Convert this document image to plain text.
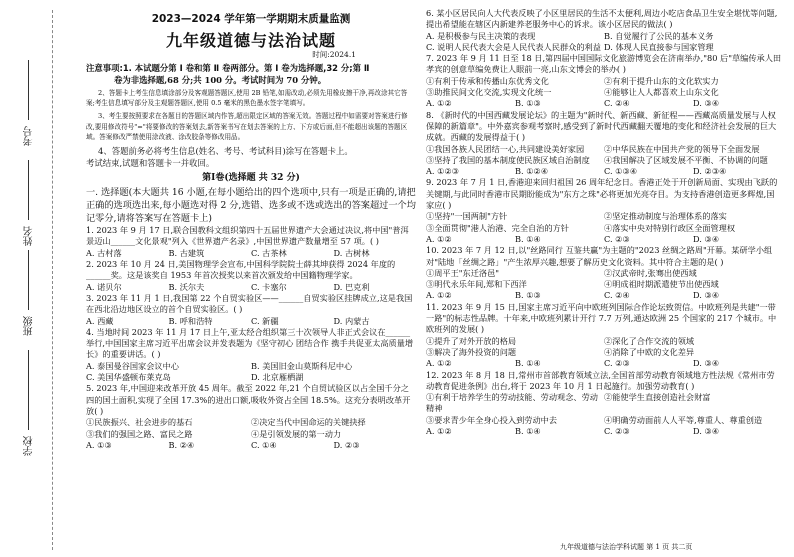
考号
姓名
班级
学校
2023—2024 学年第一学期期末质量监测
九年级道德与法治试题
时间:2024.1

注意事项:1. 本试题分第 Ⅰ 卷和第 Ⅱ 卷两部分。第 Ⅰ 卷为选择题,32 分;第 Ⅱ

卷为非选择题,68 分;共 100 分。考试时间为 70 分钟。

2、答题卡上考生信息填涂部分及客观题答题区,使用 2B 铅笔,如需改动,必须先用橡皮擦干净,再改涂其它答案;考生信息填写部分及主观题答题区,使用 0.5 毫米的黑色墨水签字笔填写。

3、考生要按照要求在各题目的答题区域内作答,超出限定区域的答案无效。答题过程中如需要对答案进行修改,要用修改符号"="将要修改的答案划去,新答案书写在划去答案的上方、下方或后面,但不能超出该题的答题区域。答案修改严禁使用涂改液、涂改胶条等修改用品。

4、答题前务必将考生信息(姓名、考号、考试科目)涂写在答题卡上。

考试结束,试题和答题卡一并收回。

第Ⅰ卷(选择题 共 32 分)

一. 选择题(本大题共 16 小题,在每小题给出的四个选项中,只有一项是正确的,请把正确的选项选出来,每小题选对得 2 分,选错、选多或不选或选出的答案超过一个均记零分,请将答案写在答题卡上)

1. 2023 年 9 月 17 日,联合国教科文组织第四十五届世界遗产大会通过决议,将中国"普洱景迈山______文化景观"列入《世界遗产名录》,中国世界遗产数量增至 57 项。( )

A. 古村落	B. 古建筑	C. 古茶林	D. 古树林

2. 2023 年 10 月 24 日,美国物理学会宣布,中国科学院院士薛其坤获得 2024 年度的______奖。这是该奖自 1953 年首次授奖以来首次颁发给中国籍物理学家。

A. 诺贝尔	B. 沃尔夫	C. 卡塞尔	D. 巴克利

3. 2023 年 11 月 1 日,我国第 22 个自贸实验区——______自贸实验区挂牌成立,这是我国在西北沿边地区设立的首个自贸实验区。( )

A. 西藏	B. 呼和浩特	C. 新疆	D. 内蒙古

4. 当地时间 2023 年 11 月 17 日上午,亚太经合组织第三十次领导人非正式会议在______举行,中国国家主席习近平出席会议并发表题为《坚守初心 团结合作 携手共促亚太高质量增长》的重要讲话。( )

A. 泰国曼谷国家会议中心	B. 美国旧金山莫斯科尼中心
C. 美国华盛顿布莱克岛	D. 北京雁栖湖

5. 2023 年,中国迎来改革开放 45 周年。截至 2022 年,21 个自贸试验区以占全国千分之四的国土面积,实现了全国 17.3%的进出口额,吸收外资占全国 18.5%。这充分表明改革开放( )

①民族振兴、社会进步的基石	②决定当代中国命运的关键抉择
③我们的强国之路、富民之路	④是引领发展的第一动力
A. ①③	B. ②④	C. ①④	D. ②③

6. 某小区居民向人大代表反映了小区里居民的生活不太便利,周边小吃店食品卫生安全堪忧等问题,提出希望能在辖区内新建养老服务中心的诉求。该小区居民的做法( )

A. 是积极参与民主决策的表现	B. 自觉履行了公民的基本义务
C. 说明人民代表大会是人民代表人民群众的利益 D. 体现人民直接参与国家管理

7. 2023 年 9 月 11 日至 18 日,第四届中国国际文化旅游博览会在济南举办,"80 后"草编传承人田孝宾的创意草编免费让人眼前一亮,山东文博会的举办( )

①有利于传承和传播山东优秀文化	②有利于提升山东的文化软实力
③助推民间文化交流,实现文化统一	④能够让人人都喜欢上山东文化
A. ①②	B. ①③	C. ②④	D. ③④

8. 《新时代的中国西藏发展论坛》的主题为"新时代、新西藏、新征程——西藏高质量发展与人权保障的新篇章"。中外嘉宾参观考察时,感受到了新时代西藏翻天覆地的变化和经济社会发展的巨大成就。西藏的发展得益于( )

①我国各族人民团结一心,共同建设美好家园	②中华民族在中国共产党的领导下全面发展
③坚持了我国的基本制度使民族区域自治制度	④我国解决了区域发展不平衡、不协调的问题
A. ①②③	B. ①②④	C. ①③④	D. ②③④

9. 2023 年 7 月 1 日,香港迎来回归祖国 26 周年纪念日。香港正处于开创新局面、实现由飞跃的关键期,与此同时香港市民期盼能成为"东方之珠"必将更加光亮夺目。为支持香港创造更多辉煌,国家应( )

①坚持"一国两制"方针	②坚定推动制度与治理体系的落实
③全面贯彻"港人治港、完全自治的方针	④落实中央对特别行政区全面管理权
A. ①②	B. ①④	C. ②③	D. ③④

10. 2023 年 7 月 12 日,以"丝路同行 互鉴共赢"为主题的"2023 丝绸之路周"开幕。某研学小组对"陆地「丝绸之路」"产生浓厚兴趣,想要了解历史文化资料。其中符合主题的是( )

①周平王"东迁洛邑"	②汉武帝时,张骞出使西域
③明代永乐年间,郑和下西洋	④明成祖时期派遣使节出使西域
A. ①②	B. ①③	C. ②④	D. ③④

11. 2023 年 9 月 15 日,国家主席习近平向中欧班列国际合作论坛致贺信。中欧班列是共建"一带一路"的标志性品牌。十年来,中欧班列累计开行 7.7 万列,通达欧洲 25 个国家的 217 个城市。中欧班列的发展( )

①提升了对外开放的格局	②深化了合作交流的领域
③解决了海外投资的问题	④消除了中欧的文化差异
A. ①②	B. ①④	C. ②③	D. ③④

12. 2023 年 8 月 18 日,常州市首部教育领域立法,全国首部劳动教育领域地方性法规《常州市劳动教育促进条例》出台,将于 2023 年 10 月 1 日起施行。加强劳动教育( )

①有利于培养学生的劳动技能、劳动观念、劳动精神
②能使学生直接创造社会财富
③要求青少年全身心投入到劳动中去	④明确劳动面前人人平等,尊重人、尊重创造
A. ①②	B. ①④	C. ②③	D. ③④
九年级道德与法治学科试题 第 1 页 共二页
